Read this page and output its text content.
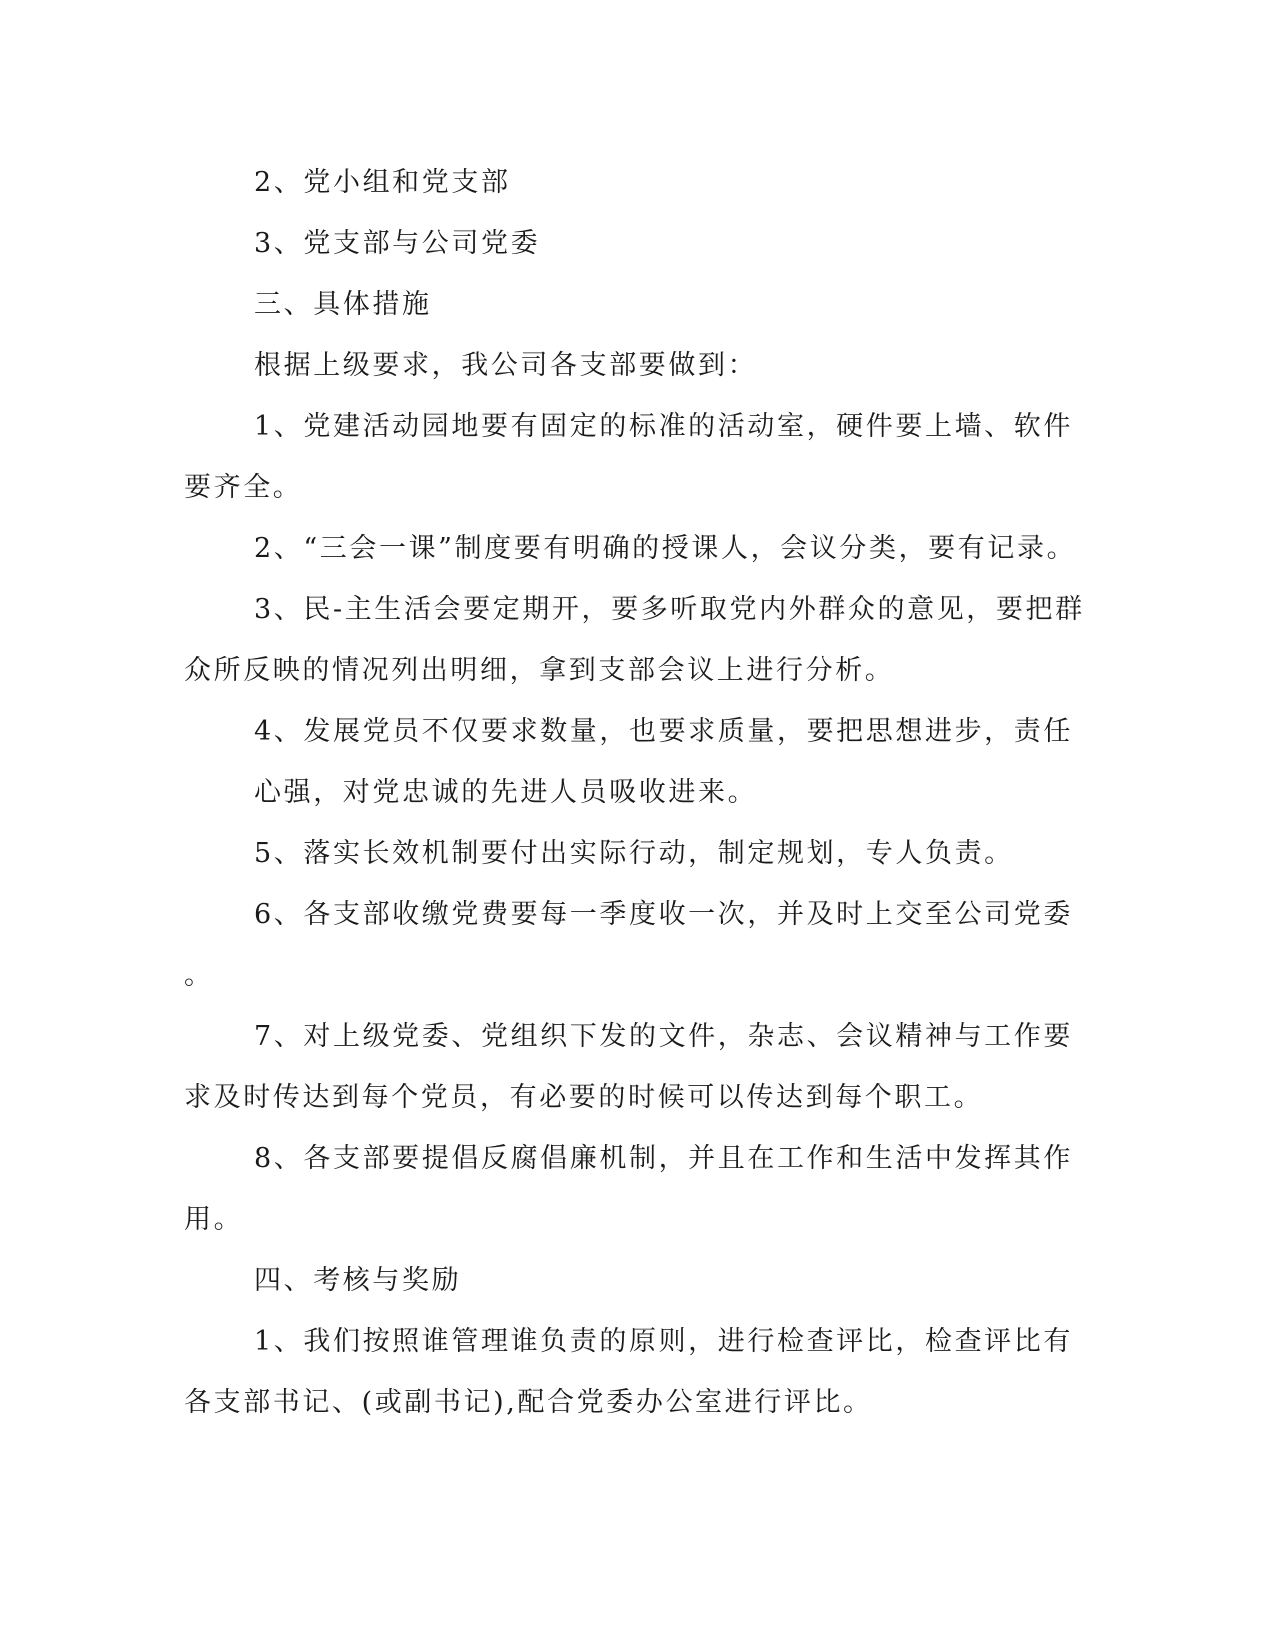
2、党小组和党支部

3、党支部与公司党委

三、具体措施

根据上级要求，我公司各支部要做到：

1、党建活动园地要有固定的标准的活动室，硬件要上墙、软件

要齐全。

2、“三会一课”制度要有明确的授课人，会议分类，要有记录。

3、民-主生活会要定期开，要多听取党内外群众的意见，要把群

众所反映的情况列出明细，拿到支部会议上进行分析。

4、发展党员不仅要求数量，也要求质量，要把思想进步，责任

心强，对党忠诚的先进人员吸收进来。

5、落实长效机制要付出实际行动，制定规划，专人负责。

6、各支部收缴党费要每一季度收一次，并及时上交至公司党委

。

7、对上级党委、党组织下发的文件，杂志、会议精神与工作要

求及时传达到每个党员，有必要的时候可以传达到每个职工。

8、各支部要提倡反腐倡廉机制，并且在工作和生活中发挥其作

用。

四、考核与奖励

1、我们按照谁管理谁负责的原则，进行检查评比，检查评比有

各支部书记、(或副书记),配合党委办公室进行评比。
